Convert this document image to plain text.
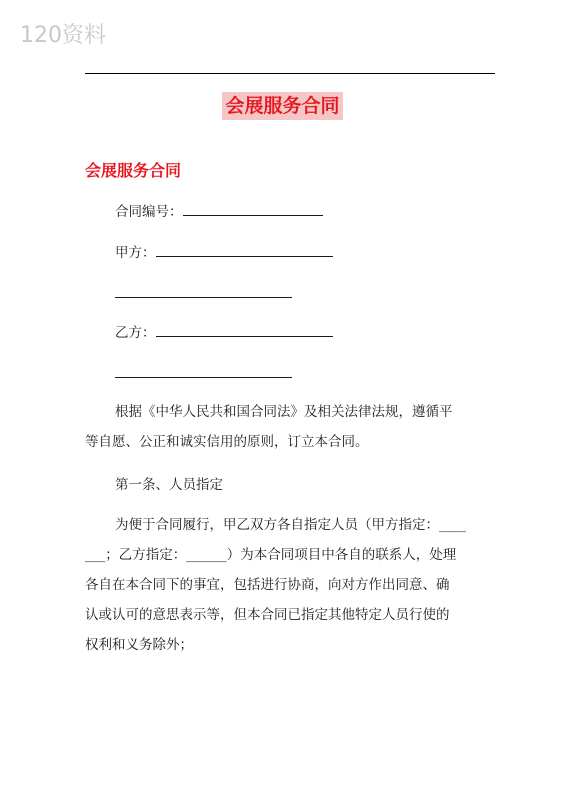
120资料
会展服务合同
会展服务合同
合同编号：
甲方：
乙方：
根据《中华人民共和国合同法》及相关法律法规，遵循平
等自愿、公正和诚实信用的原则，订立本合同。
第一条、人员指定
为便于合同履行，甲乙双方各自指定人员（甲方指定：____
___；乙方指定：______）为本合同项目中各自的联系人，处理
各自在本合同下的事宜，包括进行协商，向对方作出同意、确
认或认可的意思表示等，但本合同已指定其他特定人员行使的
权利和义务除外；
